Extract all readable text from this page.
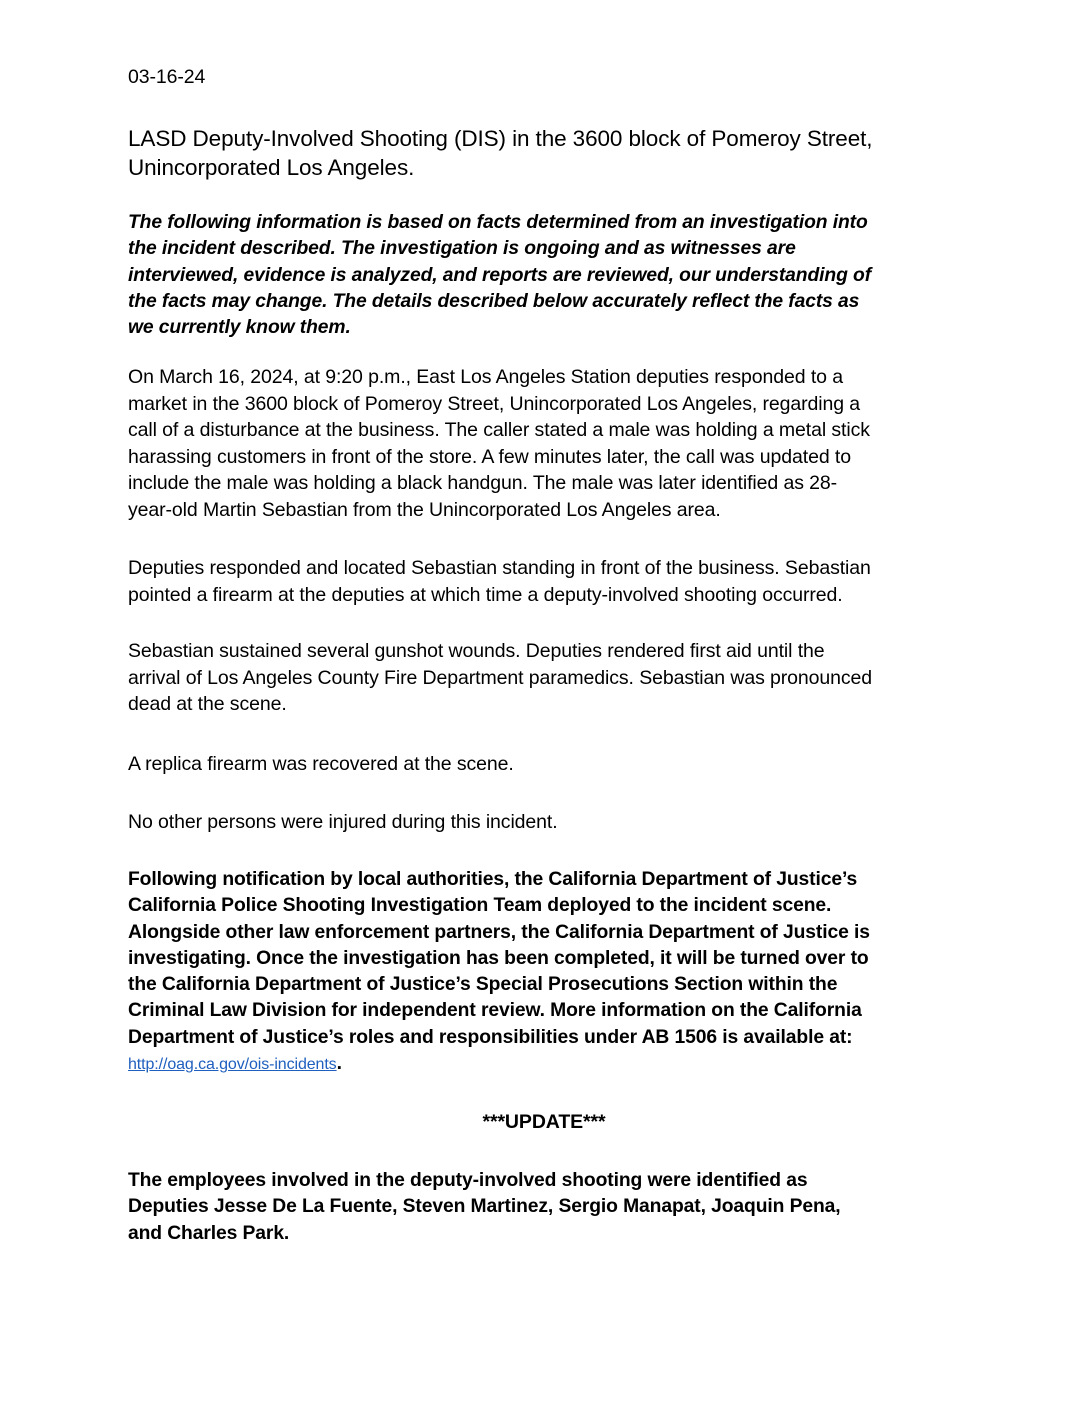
03-16-24
LASD Deputy-Involved Shooting (DIS) in the 3600 block of Pomeroy Street,
Unincorporated Los Angeles.
The following information is based on facts determined from an investigation into
the incident described. The investigation is ongoing and as witnesses are
interviewed, evidence is analyzed, and reports are reviewed, our understanding of
the facts may change. The details described below accurately reflect the facts as
we currently know them.
On March 16, 2024, at 9:20 p.m., East Los Angeles Station deputies responded to a
market in the 3600 block of Pomeroy Street, Unincorporated Los Angeles, regarding a
call of a disturbance at the business. The caller stated a male was holding a metal stick
harassing customers in front of the store. A few minutes later, the call was updated to
include the male was holding a black handgun. The male was later identified as 28-
year-old Martin Sebastian from the Unincorporated Los Angeles area.
Deputies responded and located Sebastian standing in front of the business. Sebastian
pointed a firearm at the deputies at which time a deputy-involved shooting occurred.
Sebastian sustained several gunshot wounds. Deputies rendered first aid until the
arrival of Los Angeles County Fire Department paramedics. Sebastian was pronounced
dead at the scene.
A replica firearm was recovered at the scene.
No other persons were injured during this incident.
Following notification by local authorities, the California Department of Justice’s
California Police Shooting Investigation Team deployed to the incident scene.
Alongside other law enforcement partners, the California Department of Justice is
investigating. Once the investigation has been completed, it will be turned over to
the California Department of Justice’s Special Prosecutions Section within the
Criminal Law Division for independent review. More information on the California
Department of Justice’s roles and responsibilities under AB 1506 is available at:
http://oag.ca.gov/ois-incidents.
***UPDATE***
The employees involved in the deputy-involved shooting were identified as
Deputies Jesse De La Fuente, Steven Martinez, Sergio Manapat, Joaquin Pena,
and Charles Park.
